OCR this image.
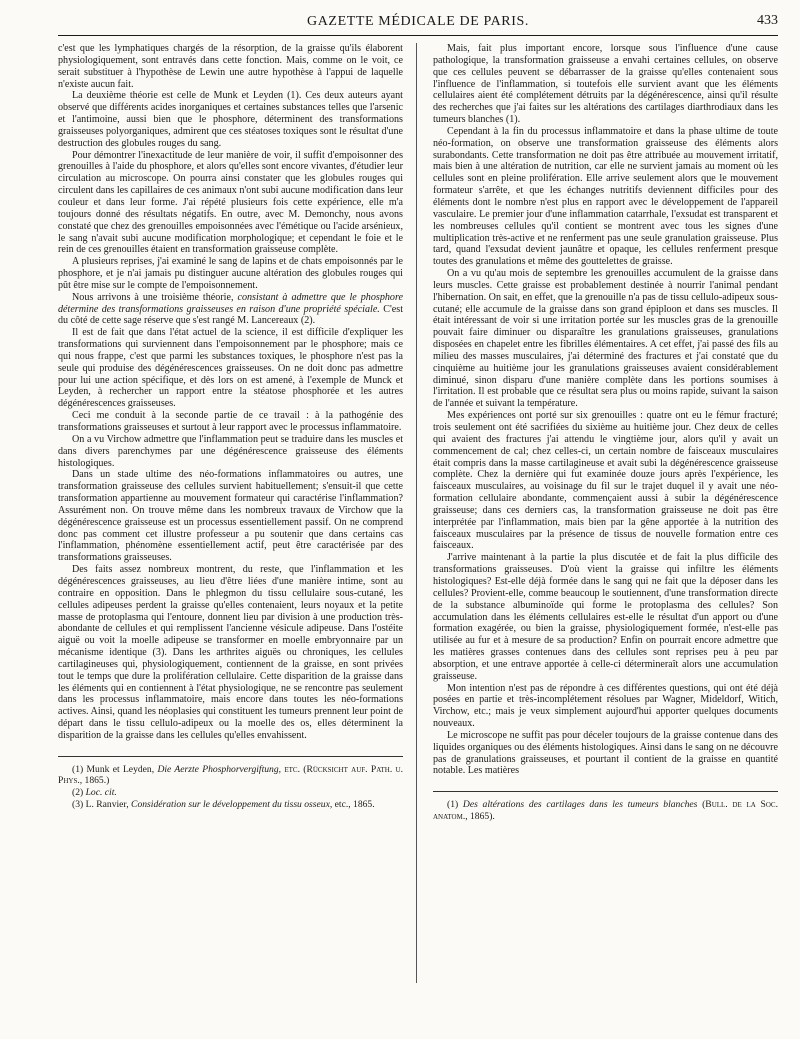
GAZETTE MÉDICALE DE PARIS.	433

c'est que les lymphatiques chargés de la résorption, de la graisse qu'ils élaborent physiologiquement, sont entravés dans cette fonction. Mais, comme on le voit, ce serait substituer à l'hypothèse de Lewin une autre hypothèse à l'appui de laquelle n'existe aucun fait.

La deuxième théorie est celle de Munk et Leyden (1). Ces deux auteurs ayant observé que différents acides inorganiques et certaines substances telles que l'arsenic et l'antimoine, aussi bien que le phosphore, déterminent des transformations graisseuses polyorganiques, admirent que ces stéatoses toxiques sont le résultat d'une destruction des globules rouges du sang.

Pour démontrer l'inexactitude de leur manière de voir, il suffit d'empoisonner des grenouilles à l'aide du phosphore, et alors qu'elles sont encore vivantes, d'étudier leur circulation au microscope. On pourra ainsi constater que les globules rouges qui circulent dans les capillaires de ces animaux n'ont subi aucune modification dans leur couleur et dans leur forme. J'ai répété plusieurs fois cette expérience, elle m'a toujours donné des résultats négatifs. En outre, avec M. Demonchy, nous avons constaté que chez des grenouilles empoisonnées avec l'émétique ou l'acide arsénieux, le sang n'avait subi aucune modification morphologique; et cependant le foie et le rein de ces grenouilles étaient en transformation graisseuse complète.

A plusieurs reprises, j'ai examiné le sang de lapins et de chats empoisonnés par le phosphore, et je n'ai jamais pu distinguer aucune altération des globules rouges qui pût être mise sur le compte de l'empoisonnement.

Nous arrivons à une troisième théorie, consistant à admettre que le phosphore détermine des transformations graisseuses en raison d'une propriété spéciale. C'est du côté de cette sage réserve que s'est rangé M. Lancereaux (2).

Il est de fait que dans l'état actuel de la science, il est difficile d'expliquer les transformations qui surviennent dans l'empoisonnement par le phosphore; mais ce qui nous frappe, c'est que parmi les substances toxiques, le phosphore n'est pas la seule qui produise des dégénérescences graisseuses. On ne doit donc pas admettre pour lui une action spécifique, et dès lors on est amené, à l'exemple de Munck et Leyden, à rechercher un rapport entre la stéatose phosphorée et les autres dégénérescences graisseuses.

Ceci me conduit à la seconde partie de ce travail : à la pathogénie des transformations graisseuses et surtout à leur rapport avec le processus inflammatoire.

On a vu Virchow admettre que l'inflammation peut se traduire dans les muscles et dans divers parenchymes par une dégénérescence graisseuse des éléments histologiques.

Dans un stade ultime des néo-formations inflammatoires ou autres, une transformation graisseuse des cellules survient habituellement; s'ensuit-il que cette transformation appartienne au mouvement formateur qui caractérise l'inflammation? Assurément non. On trouve même dans les nombreux travaux de Virchow que la dégénérescence graisseuse est un processus essentiellement passif. On ne comprend donc pas comment cet illustre professeur a pu soutenir que dans certains cas l'inflammation, phénomène essentiellement actif, peut être caractérisée par des transformations graisseuses.

Des faits assez nombreux montrent, du reste, que l'inflammation et les dégénérescences graisseuses, au lieu d'être liées d'une manière intime, sont au contraire en opposition. Dans le phlegmon du tissu cellulaire sous-cutané, les cellules adipeuses perdent la graisse qu'elles contenaient, leurs noyaux et la petite masse de protoplasma qui l'entoure, donnent lieu par division à une production très-abondante de cellules et qui remplissent l'ancienne vésicule adipeuse. Dans l'ostéite aiguë ou voit la moelle adipeuse se transformer en moelle embryonnaire par un mécanisme identique (3). Dans les arthrites aiguës ou chroniques, les cellules cartilagineuses qui, physiologiquement, contiennent de la graisse, en sont privées tout le temps que dure la prolifération cellulaire. Cette disparition de la graisse dans les éléments qui en contiennent à l'état physiologique, ne se rencontre pas seulement dans les processus inflammatoire, mais encore dans toutes les néo-formations actives. Ainsi, quand les néoplasies qui constituent les tumeurs prennent leur point de départ dans le tissu cellulo-adipeux ou la moelle des os, elles déterminent la disparition de la graisse dans les cellules qu'elles envahissent.

(1) Munk et Leyden, Die Aerzte Phosphorvergiftung, etc. (Rücksicht auf. Path. u. Phys., 1865.)

(2) Loc. cit.

(3) L. Ranvier, Considération sur le développement du tissu osseux, etc., 1865.

Mais, fait plus important encore, lorsque sous l'influence d'une cause pathologique, la transformation graisseuse a envahi certaines cellules, on observe que ces cellules peuvent se débarrasser de la graisse qu'elles contenaient sous l'influence de l'inflammation, si toutefois elle survient avant que les éléments cellulaires aient été complétement détruits par la dégénérescence, ainsi qu'il résulte des recherches que j'ai faites sur les altérations des cartilages diarthrodiaux dans les tumeurs blanches (1).

Cependant à la fin du processus inflammatoire et dans la phase ultime de toute néo-formation, on observe une transformation graisseuse des éléments alors surabondants. Cette transformation ne doit pas être attribuée au mouvement irritatif, mais bien à une altération de nutrition, car elle ne survient jamais au moment où les cellules sont en pleine prolifération. Elle arrive seulement alors que le mouvement formateur s'arrête, et que les échanges nutritifs deviennent difficiles pour des éléments dont le nombre n'est plus en rapport avec le développement de l'appareil vasculaire. Le premier jour d'une inflammation catarrhale, l'exsudat est transparent et les nombreuses cellules qu'il contient se montrent avec tous les signes d'une multiplication très-active et ne renferment pas une seule granulation graisseuse. Plus tard, quand l'exsudat devient jaunâtre et opaque, les cellules renferment presque toutes des granulations et même des gouttelettes de graisse.

On a vu qu'au mois de septembre les grenouilles accumulent de la graisse dans leurs muscles. Cette graisse est probablement destinée à nourrir l'animal pendant l'hibernation. On sait, en effet, que la grenouille n'a pas de tissu cellulo-adipeux sous-cutané; elle accumule de la graisse dans son grand épiploon et dans ses muscles. Il était intéressant de voir si une irritation portée sur les muscles gras de la grenouille pouvait faire diminuer ou disparaître les granulations graisseuses, granulations disposées en chapelet entre les fibrilles élémentaires. A cet effet, j'ai passé des fils au milieu des masses musculaires, j'ai déterminé des fractures et j'ai constaté que du cinquième au huitième jour les granulations graisseuses avaient considérablement diminué, sinon disparu d'une manière complète dans les portions soumises à l'irritation. Il est probable que ce résultat sera plus ou moins rapide, suivant la saison de l'année et suivant la température.

Mes expériences ont porté sur six grenouilles : quatre ont eu le fémur fracturé; trois seulement ont été sacrifiées du sixième au huitième jour. Chez deux de celles qui avaient des fractures j'ai attendu le vingtième jour, alors qu'il y avait un commencement de cal; chez celles-ci, un certain nombre de faisceaux musculaires était compris dans la masse cartilagineuse et avait subi la dégénérescence graisseuse complète. Chez la dernière qui fut examinée douze jours après l'expérience, les faisceaux musculaires, au voisinage du fil sur le trajet duquel il y avait une néo-formation cellulaire abondante, commençaient aussi à subir la dégénérescence graisseuse; dans ces derniers cas, la transformation graisseuse ne doit pas être interprétée par l'inflammation, mais bien par la gêne apportée à la nutrition des faisceaux musculaires par la présence de tissus de nouvelle formation entre ces faisceaux.

J'arrive maintenant à la partie la plus discutée et de fait la plus difficile des transformations graisseuses. D'où vient la graisse qui infiltre les éléments histologiques? Est-elle déjà formée dans le sang qui ne fait que la déposer dans les cellules? Provient-elle, comme beaucoup le soutiennent, d'une transformation directe de la substance albuminoïde qui forme le protoplasma des cellules? Son accumulation dans les éléments cellulaires est-elle le résultat d'un apport ou d'une formation exagérée, ou bien la graisse, physiologiquement formée, n'est-elle pas utilisée au fur et à mesure de sa production? Enfin on pourrait encore admettre que les matières grasses contenues dans des cellules sont reprises peu à peu par absorption, et une entrave apportée à celle-ci détermineraît alors une accumulation graisseuse.

Mon intention n'est pas de répondre à ces différentes questions, qui ont été déjà posées en partie et très-incomplétement résolues par Wagner, Mideldorf, Witich, Virchow, etc.; mais je veux simplement aujourd'hui apporter quelques documents nouveaux.

Le microscope ne suffit pas pour déceler toujours de la graisse contenue dans des liquides organiques ou des éléments histologiques. Ainsi dans le sang on ne découvre pas de granulations graisseuses, et pourtant il contient de la graisse en quantité notable. Les matières

(1) Des altérations des cartilages dans les tumeurs blanches (Bull. de la Soc. anatom., 1865).
